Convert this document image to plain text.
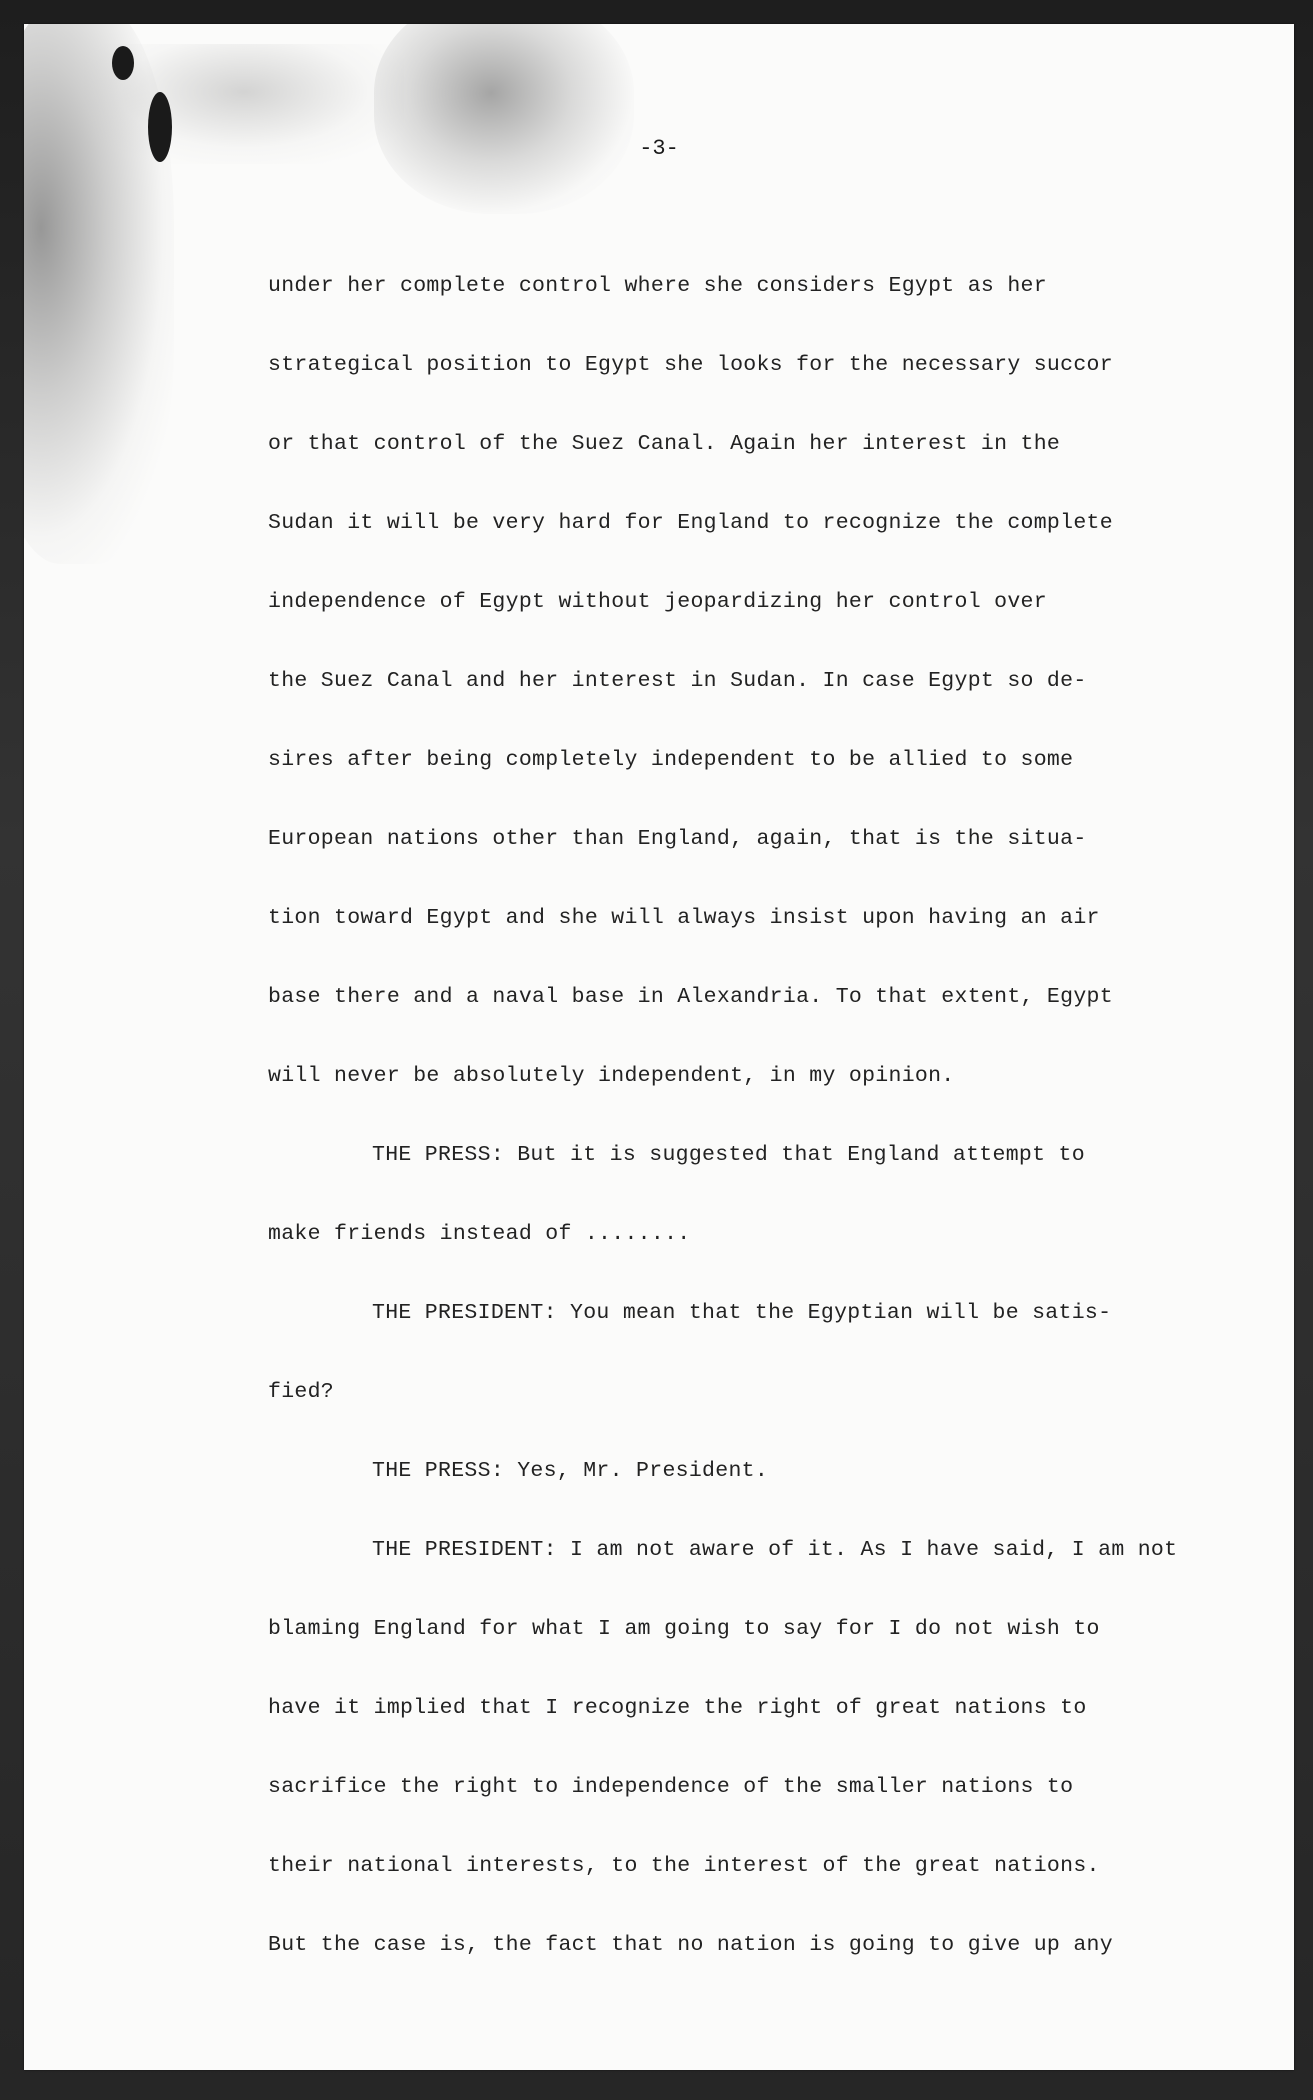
-3-
under her complete control where she considers Egypt as her
strategical position to Egypt she looks for the necessary succor
or that control of the Suez Canal. Again her interest in the
Sudan it will be very hard for England to recognize the complete
independence of Egypt without jeopardizing her control over
the Suez Canal and her interest in Sudan. In case Egypt so de-
sires after being completely independent to be allied to some
European nations other than England, again, that is the situa-
tion toward Egypt and she will always insist upon having an air
base there and a naval base in Alexandria. To that extent, Egypt
will never be absolutely independent, in my opinion.
THE PRESS: But it is suggested that England attempt to
make friends instead of ........
THE PRESIDENT: You mean that the Egyptian will be satis-
fied?
THE PRESS: Yes, Mr. President.
THE PRESIDENT: I am not aware of it. As I have said, I am not
blaming England for what I am going to say for I do not wish to
have it implied that I recognize the right of great nations to
sacrifice the right to independence of the smaller nations to
their national interests, to the interest of the great nations.
But the case is, the fact that no nation is going to give up any
